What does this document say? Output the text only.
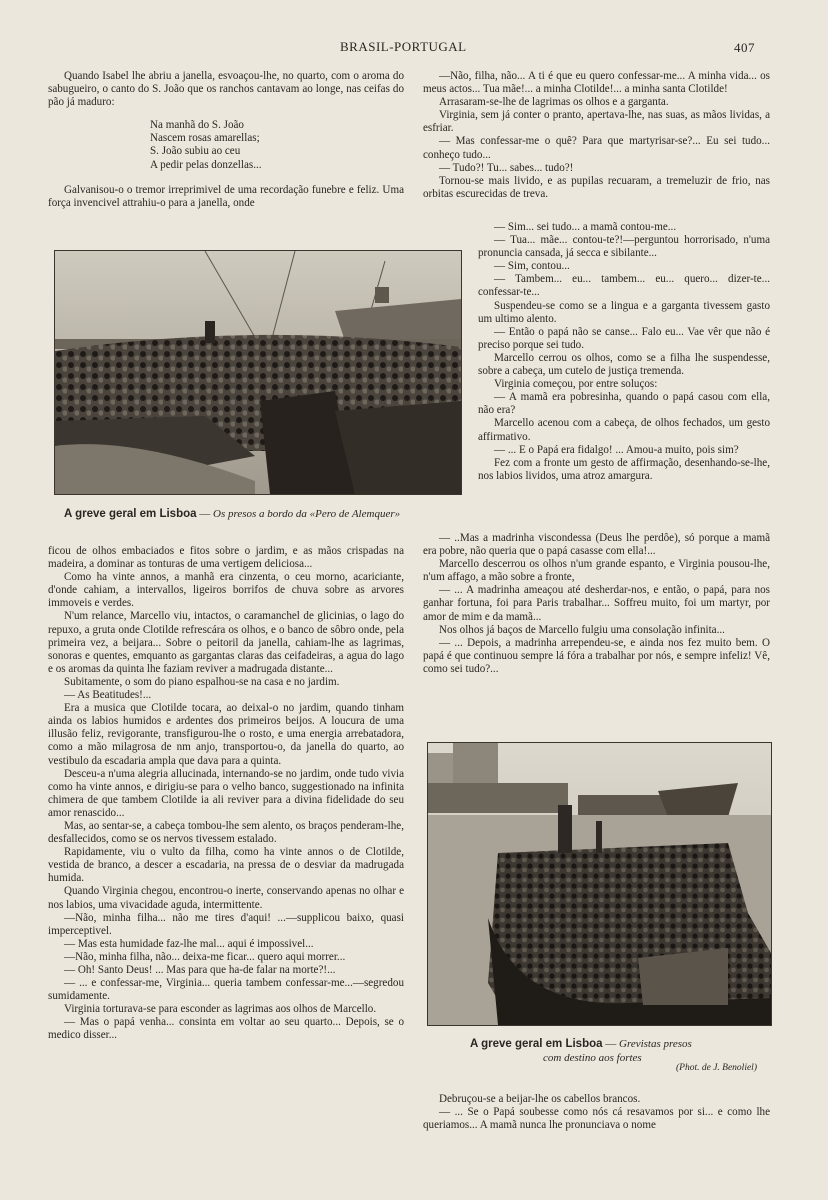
BRASIL-PORTUGAL	407

Quando Isabel lhe abriu a janella, esvoaçou-lhe, no quarto, com o aroma do sabugueiro, o canto do S. João que os ranchos cantavam ao longe, nas ceifas do pão já maduro:

Na manhã do S. João
Nascem rosas amarellas;
S. João subiu ao ceu
A pedir pelas donzellas...

Galvanisou-o o tremor irreprimivel de uma recordação funebre e feliz. Uma força invencivel attrahiu-o para a janella, onde

A greve geral em Lisboa — Os presos a bordo da «Pero de Alemquer»

ficou de olhos embaciados e fitos sobre o jardim, e as mãos crispadas na madeira, a dominar as tonturas de uma vertigem deliciosa...

Como ha vinte annos, a manhã era cinzenta, o ceu morno, acariciante, d'onde cahiam, a intervallos, ligeiros borrifos de chuva sobre as arvores immoveis e verdes.

N'um relance, Marcello viu, intactos, o caramanchel de glicinias, o lago do repuxo, a gruta onde Clotilde refrescára os olhos, e o banco de sôbro onde, pela primeira vez, a beijara... Sobre o peitoril da janella, cahiam-lhe as lagrimas, sonoras e quentes, emquanto as gargantas claras das ceifadeiras, a agua do lago e os aromas da quinta lhe faziam reviver a madrugada distante...

Subitamente, o som do piano espalhou-se na casa e no jardim.

— As Beatitudes!...

Era a musica que Clotilde tocara, ao deixal-o no jardim, quando tinham ainda os labios humidos e ardentes dos primeiros beijos. A loucura de uma illusão feliz, revigorante, transfigurou-lhe o rosto, e uma energia arrebatadora, como a mão milagrosa de nm anjo, transportou-o, da janella do quarto, ao vestibulo da escadaria ampla que dava para a quinta.

Desceu-a n'uma alegria allucinada, internando-se no jardim, onde tudo vivia como ha vinte annos, e dirigiu-se para o velho banco, suggestionado na infinita chimera de que tambem Clotilde ia ali reviver para a divina fidelidade do seu amor renascido...

Mas, ao sentar-se, a cabeça tombou-lhe sem alento, os braços penderam-lhe, desfallecidos, como se os nervos tivessem estalado.

Rapidamente, viu o vulto da filha, como ha vinte annos o de Clotilde, vestida de branco, a descer a escadaria, na pressa de o desviar da madrugada humida.

Quando Virginia chegou, encontrou-o inerte, conservando apenas no olhar e nos labios, uma vivacidade aguda, intermittente.

—Não, minha filha... não me tires d'aqui! ...—supplicou baixo, quasi imperceptivel.

— Mas esta humidade faz-lhe mal... aqui é impossivel...

—Não, minha filha, não... deixa-me ficar... quero aqui morrer...

— Oh! Santo Deus! ... Mas para que ha-de falar na morte?!...

— ... e confessar-me, Virginia... queria tambem confessar-me...—segredou sumidamente.

Virginia torturava-se para esconder as lagrimas aos olhos de Marcello.

— Mas o papá venha... consinta em voltar ao seu quarto... Depois, se o medico disser...

—Não, filha, não... A ti é que eu quero confessar-me... A minha vida... os meus actos... Tua mãe!... a minha Clotilde!... a minha santa Clotilde!

Arrasaram-se-lhe de lagrimas os olhos e a garganta.

Virginia, sem já conter o pranto, apertava-lhe, nas suas, as mãos lividas, a esfriar.

— Mas confessar-me o quê? Para que martyrisar-se?... Eu sei tudo... conheço tudo...

— Tudo?! Tu... sabes... tudo?!

Tornou-se mais livido, e as pupilas recuaram, a tremeluzir de frio, nas orbitas escurecidas de treva.

— Sim... sei tudo... a mamã contou-me...

— Tua... mãe... contou-te?!—perguntou horrorisado, n'uma pronuncia cansada, já secca e sibilante...

— Sim, contou...

— Tambem... eu... tambem... eu... quero... dizer-te... confessar-te...

Suspendeu-se como se a lingua e a garganta tivessem gasto um ultimo alento.

— Então o papá não se canse... Falo eu... Vae vêr que não é preciso porque sei tudo.

Marcello cerrou os olhos, como se a filha lhe suspendesse, sobre a cabeça, um cutelo de justiça tremenda.

Virginia começou, por entre soluços:

— A mamã era pobresinha, quando o papá casou com ella, não era?

Marcello acenou com a cabeça, de olhos fechados, um gesto affirmativo.

— ... E o Papá era fidalgo! ... Amou-a muito, pois sim?

Fez com a fronte um gesto de affirmação, desenhando-se-lhe, nos labios lividos, uma atroz amargura.

— ..Mas a madrinha viscondessa (Deus lhe perdôe), só porque a mamã era pobre, não queria que o papá casasse com ella!...

Marcello descerrou os olhos n'um grande espanto, e Virginia pousou-lhe, n'um affago, a mão sobre a fronte,

— ... A madrinha ameaçou até desherdar-nos, e então, o papá, para nos ganhar fortuna, foi para Paris trabalhar... Soffreu muito, foi um martyr, por amor de mim e da mamã...

Nos olhos já baços de Marcello fulgiu uma consolação infinita...

— ... Depois, a madrinha arrependeu-se, e ainda nos fez muito bem. O papá é que continuou sempre lá fóra a trabalhar por nós, e sempre infeliz! Vê, como sei tudo?...

A greve geral em Lisboa — Grevistas presos
com destino aos fortes
(Phot. de J. Benoliel)

Debruçou-se a beijar-lhe os cabellos brancos.

— ... Se o Papá soubesse como nós cá resavamos por si... e como lhe queriamos... A mamã nunca lhe pronunciava o nome
